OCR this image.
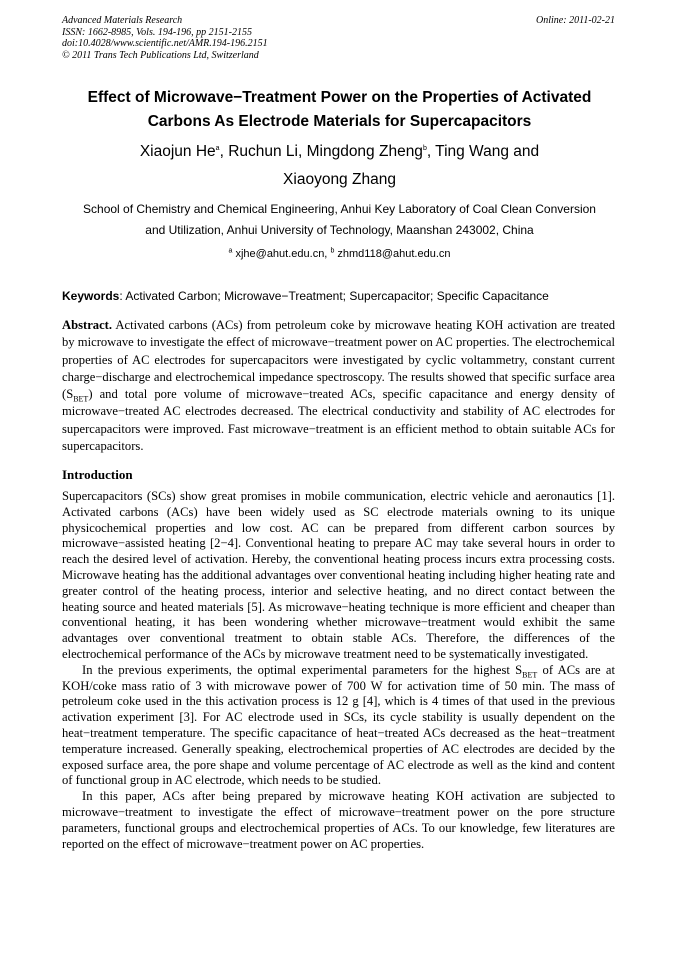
Advanced Materials Research
ISSN: 1662-8985, Vols. 194-196, pp 2151-2155
doi:10.4028/www.scientific.net/AMR.194-196.2151
© 2011 Trans Tech Publications Ltd, Switzerland
Online: 2011-02-21
Effect of Microwave−Treatment Power on the Properties of Activated
Carbons As Electrode Materials for Supercapacitors
Xiaojun He$^a$, Ruchun Li, Mingdong Zheng$^b$, Ting Wang and
Xiaoyong Zhang
School of Chemistry and Chemical Engineering, Anhui Key Laboratory of Coal Clean Conversion
and Utilization, Anhui University of Technology, Maanshan 243002, China
$^a$ xjhe@ahut.edu.cn, $^b$ zhmd118@ahut.edu.cn
Keywords: Activated Carbon; Microwave−Treatment; Supercapacitor; Specific Capacitance
Abstract. Activated carbons (ACs) from petroleum coke by microwave heating KOH activation are treated by microwave to investigate the effect of microwave−treatment power on AC properties. The electrochemical properties of AC electrodes for supercapacitors were investigated by cyclic voltammetry, constant current charge−discharge and electrochemical impedance spectroscopy. The results showed that specific surface area $(S_{BET})$ and total pore volume of microwave−treated ACs, specific capacitance and energy density of microwave−treated AC electrodes decreased. The electrical conductivity and stability of AC electrodes for supercapacitors were improved. Fast microwave−treatment is an efficient method to obtain suitable ACs for supercapacitors.
Introduction

Supercapacitors (SCs) show great promises in mobile communication, electric vehicle and aeronautics [1]. Activated carbons (ACs) have been widely used as SC electrode materials owning to its unique physicochemical properties and low cost. AC can be prepared from different carbon sources by microwave−assisted heating [2−4]. Conventional heating to prepare AC may take several hours in order to reach the desired level of activation. Hereby, the conventional heating process incurs extra processing costs. Microwave heating has the additional advantages over conventional heating including higher heating rate and greater control of the heating process, interior and selective heating, and no direct contact between the heating source and heated materials [5]. As microwave−heating technique is more efficient and cheaper than conventional heating, it has been wondering whether microwave−treatment would exhibit the same advantages over conventional treatment to obtain stable ACs. Therefore, the differences of the electrochemical performance of the ACs by microwave treatment need to be systematically investigated.

In the previous experiments, the optimal experimental parameters for the highest $S_{BET}$ of ACs are at KOH/coke mass ratio of 3 with microwave power of 700 W for activation time of 50 min. The mass of petroleum coke used in the this activation process is 12 g [4], which is 4 times of that used in the previous activation experiment [3]. For AC electrode used in SCs, its cycle stability is usually dependent on the heat−treatment temperature. The specific capacitance of heat−treated ACs decreased as the heat−treatment temperature increased. Generally speaking, electrochemical properties of AC electrodes are decided by the exposed surface area, the pore shape and volume percentage of AC electrode as well as the kind and content of functional group in AC electrode, which needs to be studied.

In this paper, ACs after being prepared by microwave heating KOH activation are subjected to microwave−treatment to investigate the effect of microwave−treatment power on the pore structure parameters, functional groups and electrochemical properties of ACs. To our knowledge, few literatures are reported on the effect of microwave−treatment power on AC properties.
